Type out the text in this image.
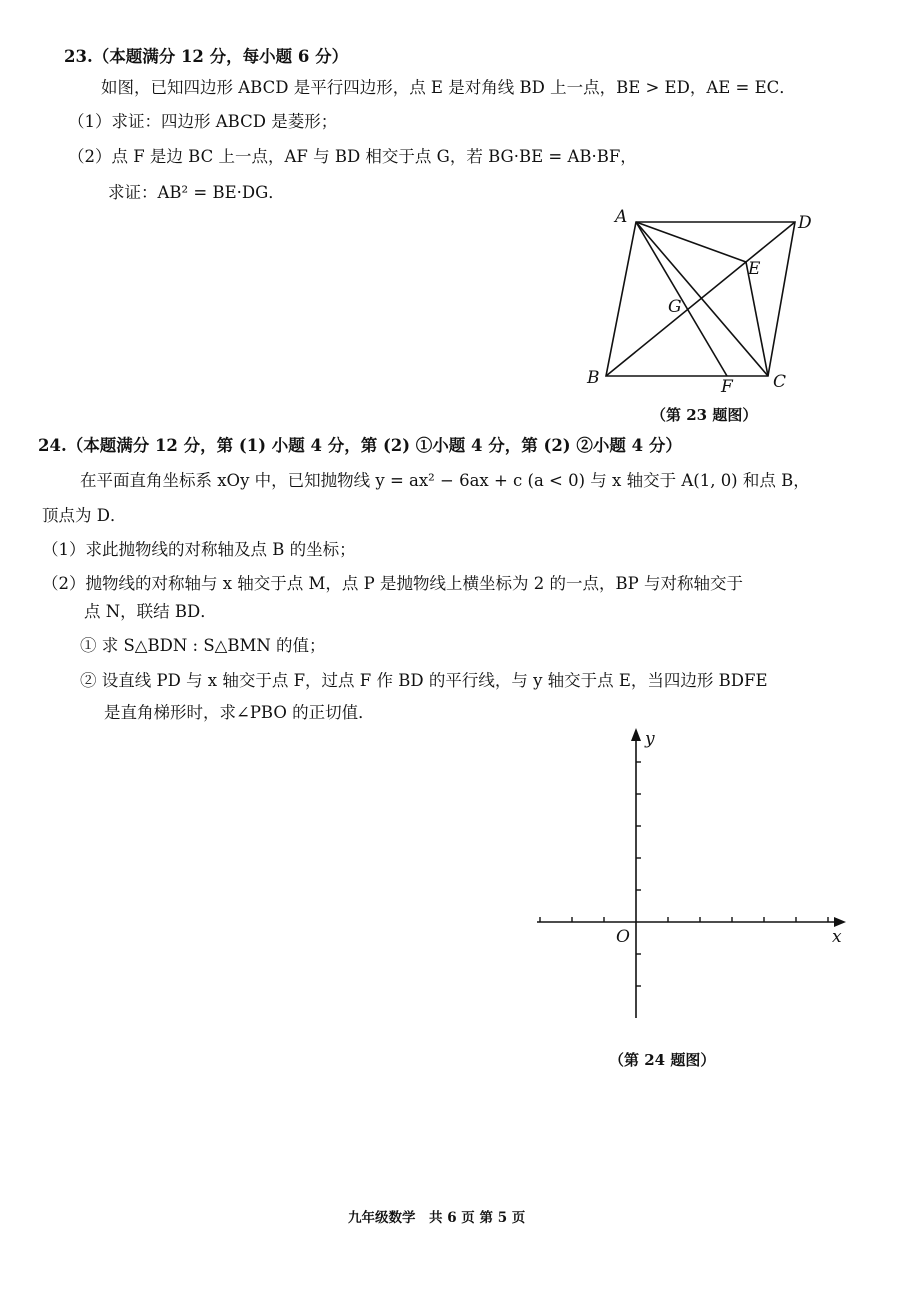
23.（本题满分 12 分，每小题 6 分）
如图，已知四边形 ABCD 是平行四边形，点 E 是对角线 BD 上一点，BE > ED，AE = EC．
（1）求证：四边形 ABCD 是菱形；
（2）点 F 是边 BC 上一点，AF 与 BD 相交于点 G，若 BG·BE = AB·BF，
求证：AB² = BE·DG．
A	D
E
G
B	F C
（第 23 题图）
24.（本题满分 12 分，第 (1) 小题 4 分，第 (2) ①小题 4 分，第 (2) ②小题 4 分）
在平面直角坐标系 xOy 中，已知抛物线 y = ax² − 6ax + c (a < 0) 与 x 轴交于 A(1, 0) 和点 B，
顶点为 D．
（1）求此抛物线的对称轴及点 B 的坐标；
（2）抛物线的对称轴与 x 轴交于点 M，点 P 是抛物线上横坐标为 2 的一点，BP 与对称轴交于
点 N，联结 BD．
① 求 S△BDN : S△BMN 的值；
② 设直线 PD 与 x 轴交于点 F，过点 F 作 BD 的平行线，与 y 轴交于点 E，当四边形 BDFE
是直角梯形时，求∠PBO 的正切值．
y
x
O
（第 24 题图）
九年级数学　共 6 页 第 5 页
